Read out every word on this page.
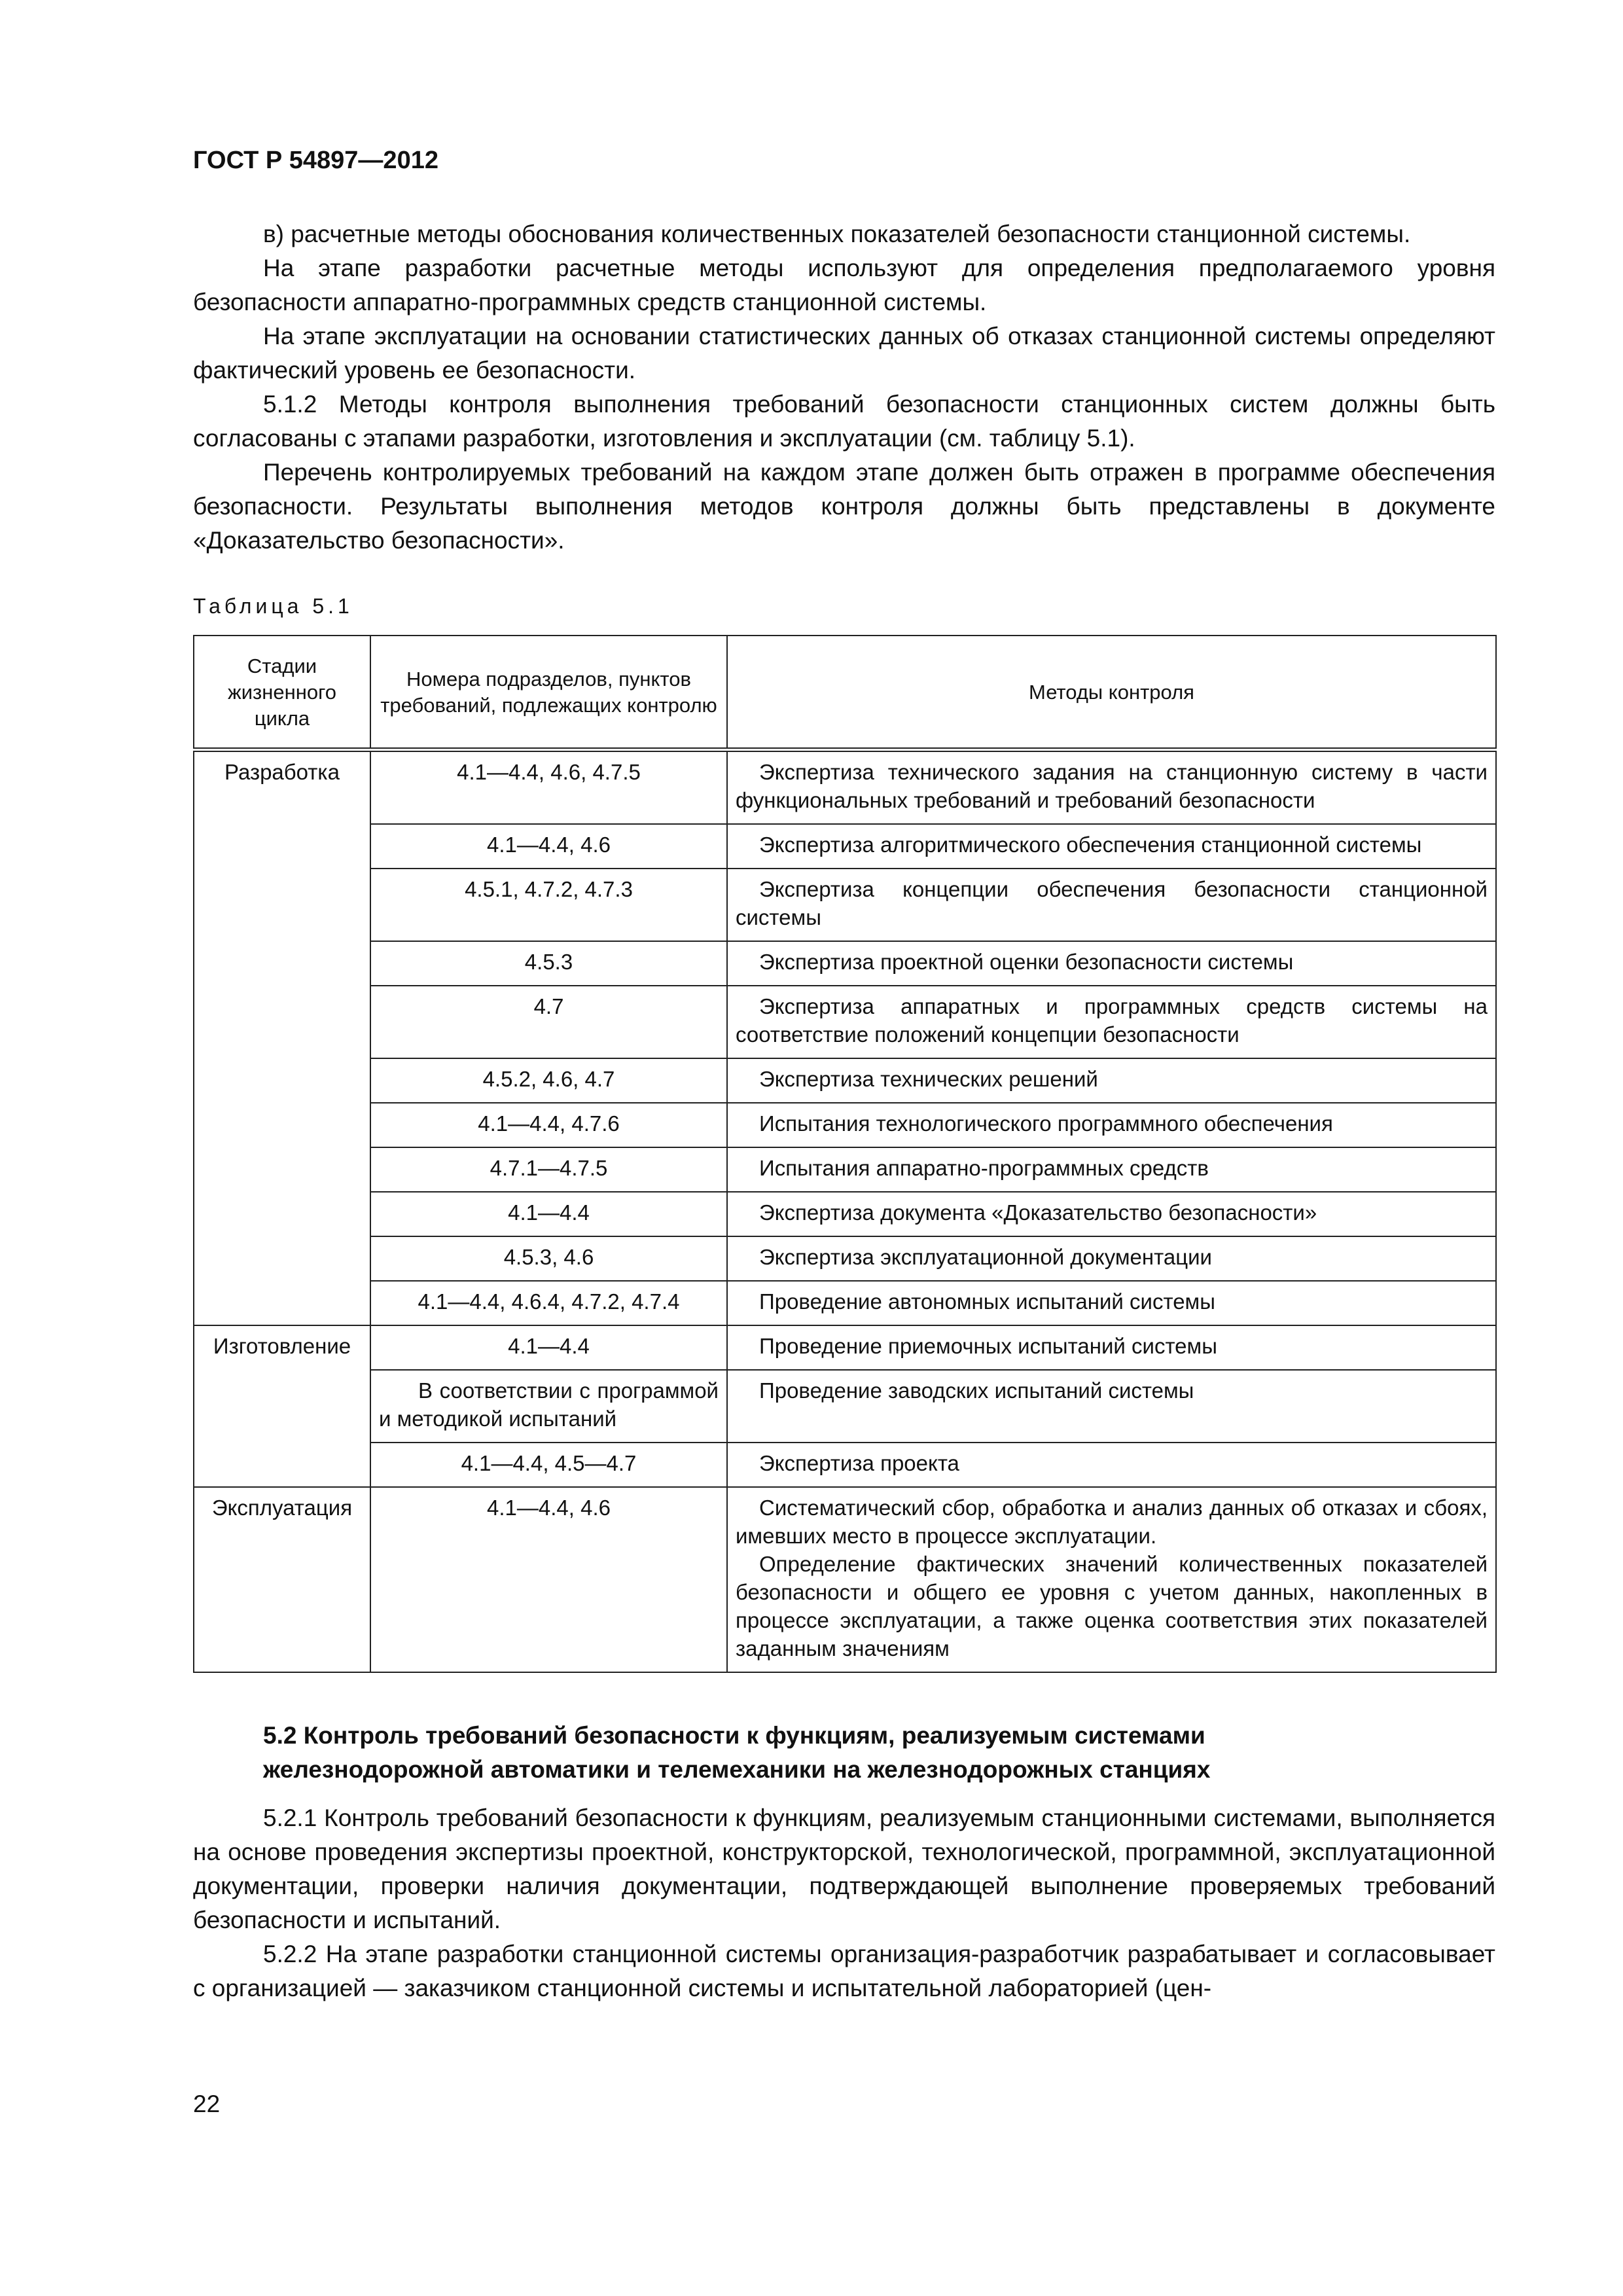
ГОСТ Р 54897—2012

в) расчетные методы обоснования количественных показателей безопасности станционной системы.

На этапе разработки расчетные методы используют для определения предполагаемого уровня безопасности аппаратно-программных средств станционной системы.

На этапе эксплуатации на основании статистических данных об отказах станционной системы определяют фактический уровень ее безопасности.

5.1.2 Методы контроля выполнения требований безопасности станционных систем должны быть согласованы с этапами разработки, изготовления и эксплуатации (см. таблицу 5.1).

Перечень контролируемых требований на каждом этапе должен быть отражен в программе обеспечения безопасности. Результаты выполнения методов контроля должны быть представлены в документе «Доказательство безопасности».

Таблица 5.1
Стадии жизненного цикла	Номера подразделов, пунктов требований, подлежащих контролю	Методы контроля
Разработка	4.1—4.4, 4.6, 4.7.5	Экспертиза технического задания на станционную систему в части функциональных требований и требований безопасности
	4.1—4.4, 4.6	Экспертиза алгоритмического обеспечения станционной системы
	4.5.1, 4.7.2, 4.7.3	Экспертиза концепции обеспечения безопасности станционной системы
	4.5.3	Экспертиза проектной оценки безопасности системы
	4.7	Экспертиза аппаратных и программных средств системы на соответствие положений концепции безопасности
	4.5.2, 4.6, 4.7	Экспертиза технических решений
	4.1—4.4, 4.7.6	Испытания технологического программного обеспечения
	4.7.1—4.7.5	Испытания аппаратно-программных средств
	4.1—4.4	Экспертиза документа «Доказательство безопасности»
	4.5.3, 4.6	Экспертиза эксплуатационной документации
	4.1—4.4, 4.6.4, 4.7.2, 4.7.4	Проведение автономных испытаний системы
Изготовление	4.1—4.4	Проведение приемочных испытаний системы
	В соответствии с программой и методикой испытаний	Проведение заводских испытаний системы
	4.1—4.4, 4.5—4.7	Экспертиза проекта
Эксплуатация	4.1—4.4, 4.6	Систематический сбор, обработка и анализ данных об отказах и сбоях, имевших место в процессе эксплуатации.
Определение фактических значений количественных показателей безопасности и общего ее уровня с учетом данных, накопленных в процессе эксплуатации, а также оценка соответствия этих показателей заданным значениям
5.2 Контроль требований безопасности к функциям, реализуемым системами
железнодорожной автоматики и телемеханики на железнодорожных станциях

5.2.1 Контроль требований безопасности к функциям, реализуемым станционными системами, выполняется на основе проведения экспертизы проектной, конструкторской, технологической, программной, эксплуатационной документации, проверки наличия документации, подтверждающей выполнение проверяемых требований безопасности и испытаний.

5.2.2 На этапе разработки станционной системы организация-разработчик разрабатывает и согласовывает с организацией — заказчиком станционной системы и испытательной лабораторией (цен-

22
